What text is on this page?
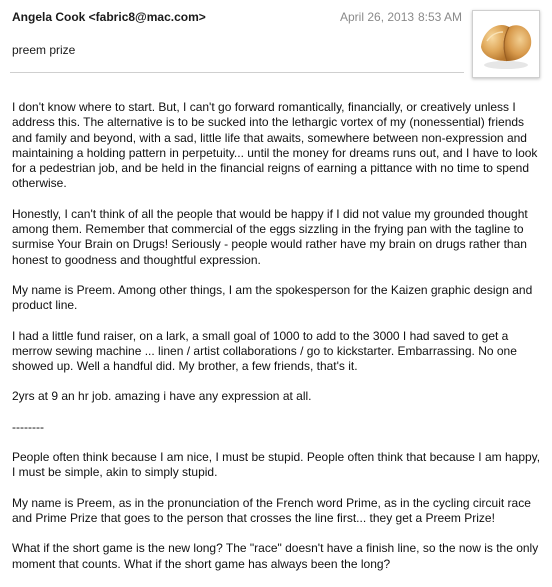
Angela Cook <fabric8@mac.com>	April 26, 2013 8:53 AM
preem prize

I don't know where to start. But, I can't go forward romantically, financially, or creatively unless I address this. The alternative is to be sucked into the lethargic vortex of my (nonessential) friends and family and beyond, with a sad, little life that awaits, somewhere between non-expression and maintaining a holding pattern in perpetuity... until the money for dreams runs out, and I have to look for a pedestrian job, and be held in the financial reigns of earning a pittance with no time to spend otherwise.

Honestly, I can't think of all the people that would be happy if I did not value my grounded thought among them. Remember that commercial of the eggs sizzling in the frying pan with the tagline to surmise Your Brain on Drugs! Seriously - people would rather have my brain on drugs rather than honest to goodness and thoughtful expression.

My name is Preem. Among other things, I am the spokesperson for the Kaizen graphic design and product line.

I had a little fund raiser, on a lark, a small goal of 1000 to add to the 3000 I had saved to get a merrow sewing machine ... linen / artist collaborations / go to kickstarter. Embarrassing. No one showed up. Well a handful did. My brother, a few friends, that's it.

2yrs at 9 an hr job. amazing i have any expression at all.

--------

People often think because I am nice, I must be stupid. People often think that because I am happy, I must be simple, akin to simply stupid.

My name is Preem, as in the pronunciation of the French word Prime, as in the cycling circuit race and Prime Prize that goes to the person that crosses the line first... they get a Preem Prize!

What if the short game is the new long? The "race" doesn't have a finish line, so the now is the only moment that counts. What if the short game has always been the long?
